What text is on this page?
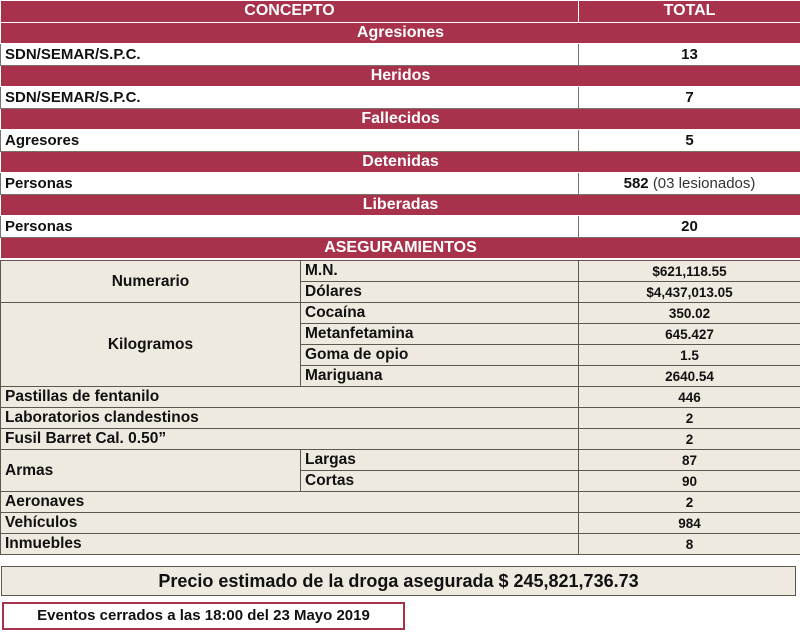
CONCEPTO	TOTAL
Agresiones	
SDN/SEMAR/S.P.C.	13
Heridos	
SDN/SEMAR/S.P.C.	7
Fallecidos	
Agresores	5
Detenidas	
Personas	582 (03 lesionados)
Liberadas	
Personas	20
ASEGURAMIENTOS	
Numerario	M.N.	$621,118.55
	Dólares	$4,437,013.05
Kilogramos	Cocaína	350.02
	Metanfetamina	645.427
	Goma de opio	1.5
	Mariguana	2640.54
Pastillas de fentanilo		446
Laboratorios clandestinos		2
Fusil Barret Cal. 0.50”		2
Armas	Largas	87
	Cortas	90
Aeronaves		2
Vehículos		984
Inmuebles		8
Precio estimado de la droga asegurada $ 245,821,736.73
Eventos cerrados a las 18:00 del 23 Mayo 2019
